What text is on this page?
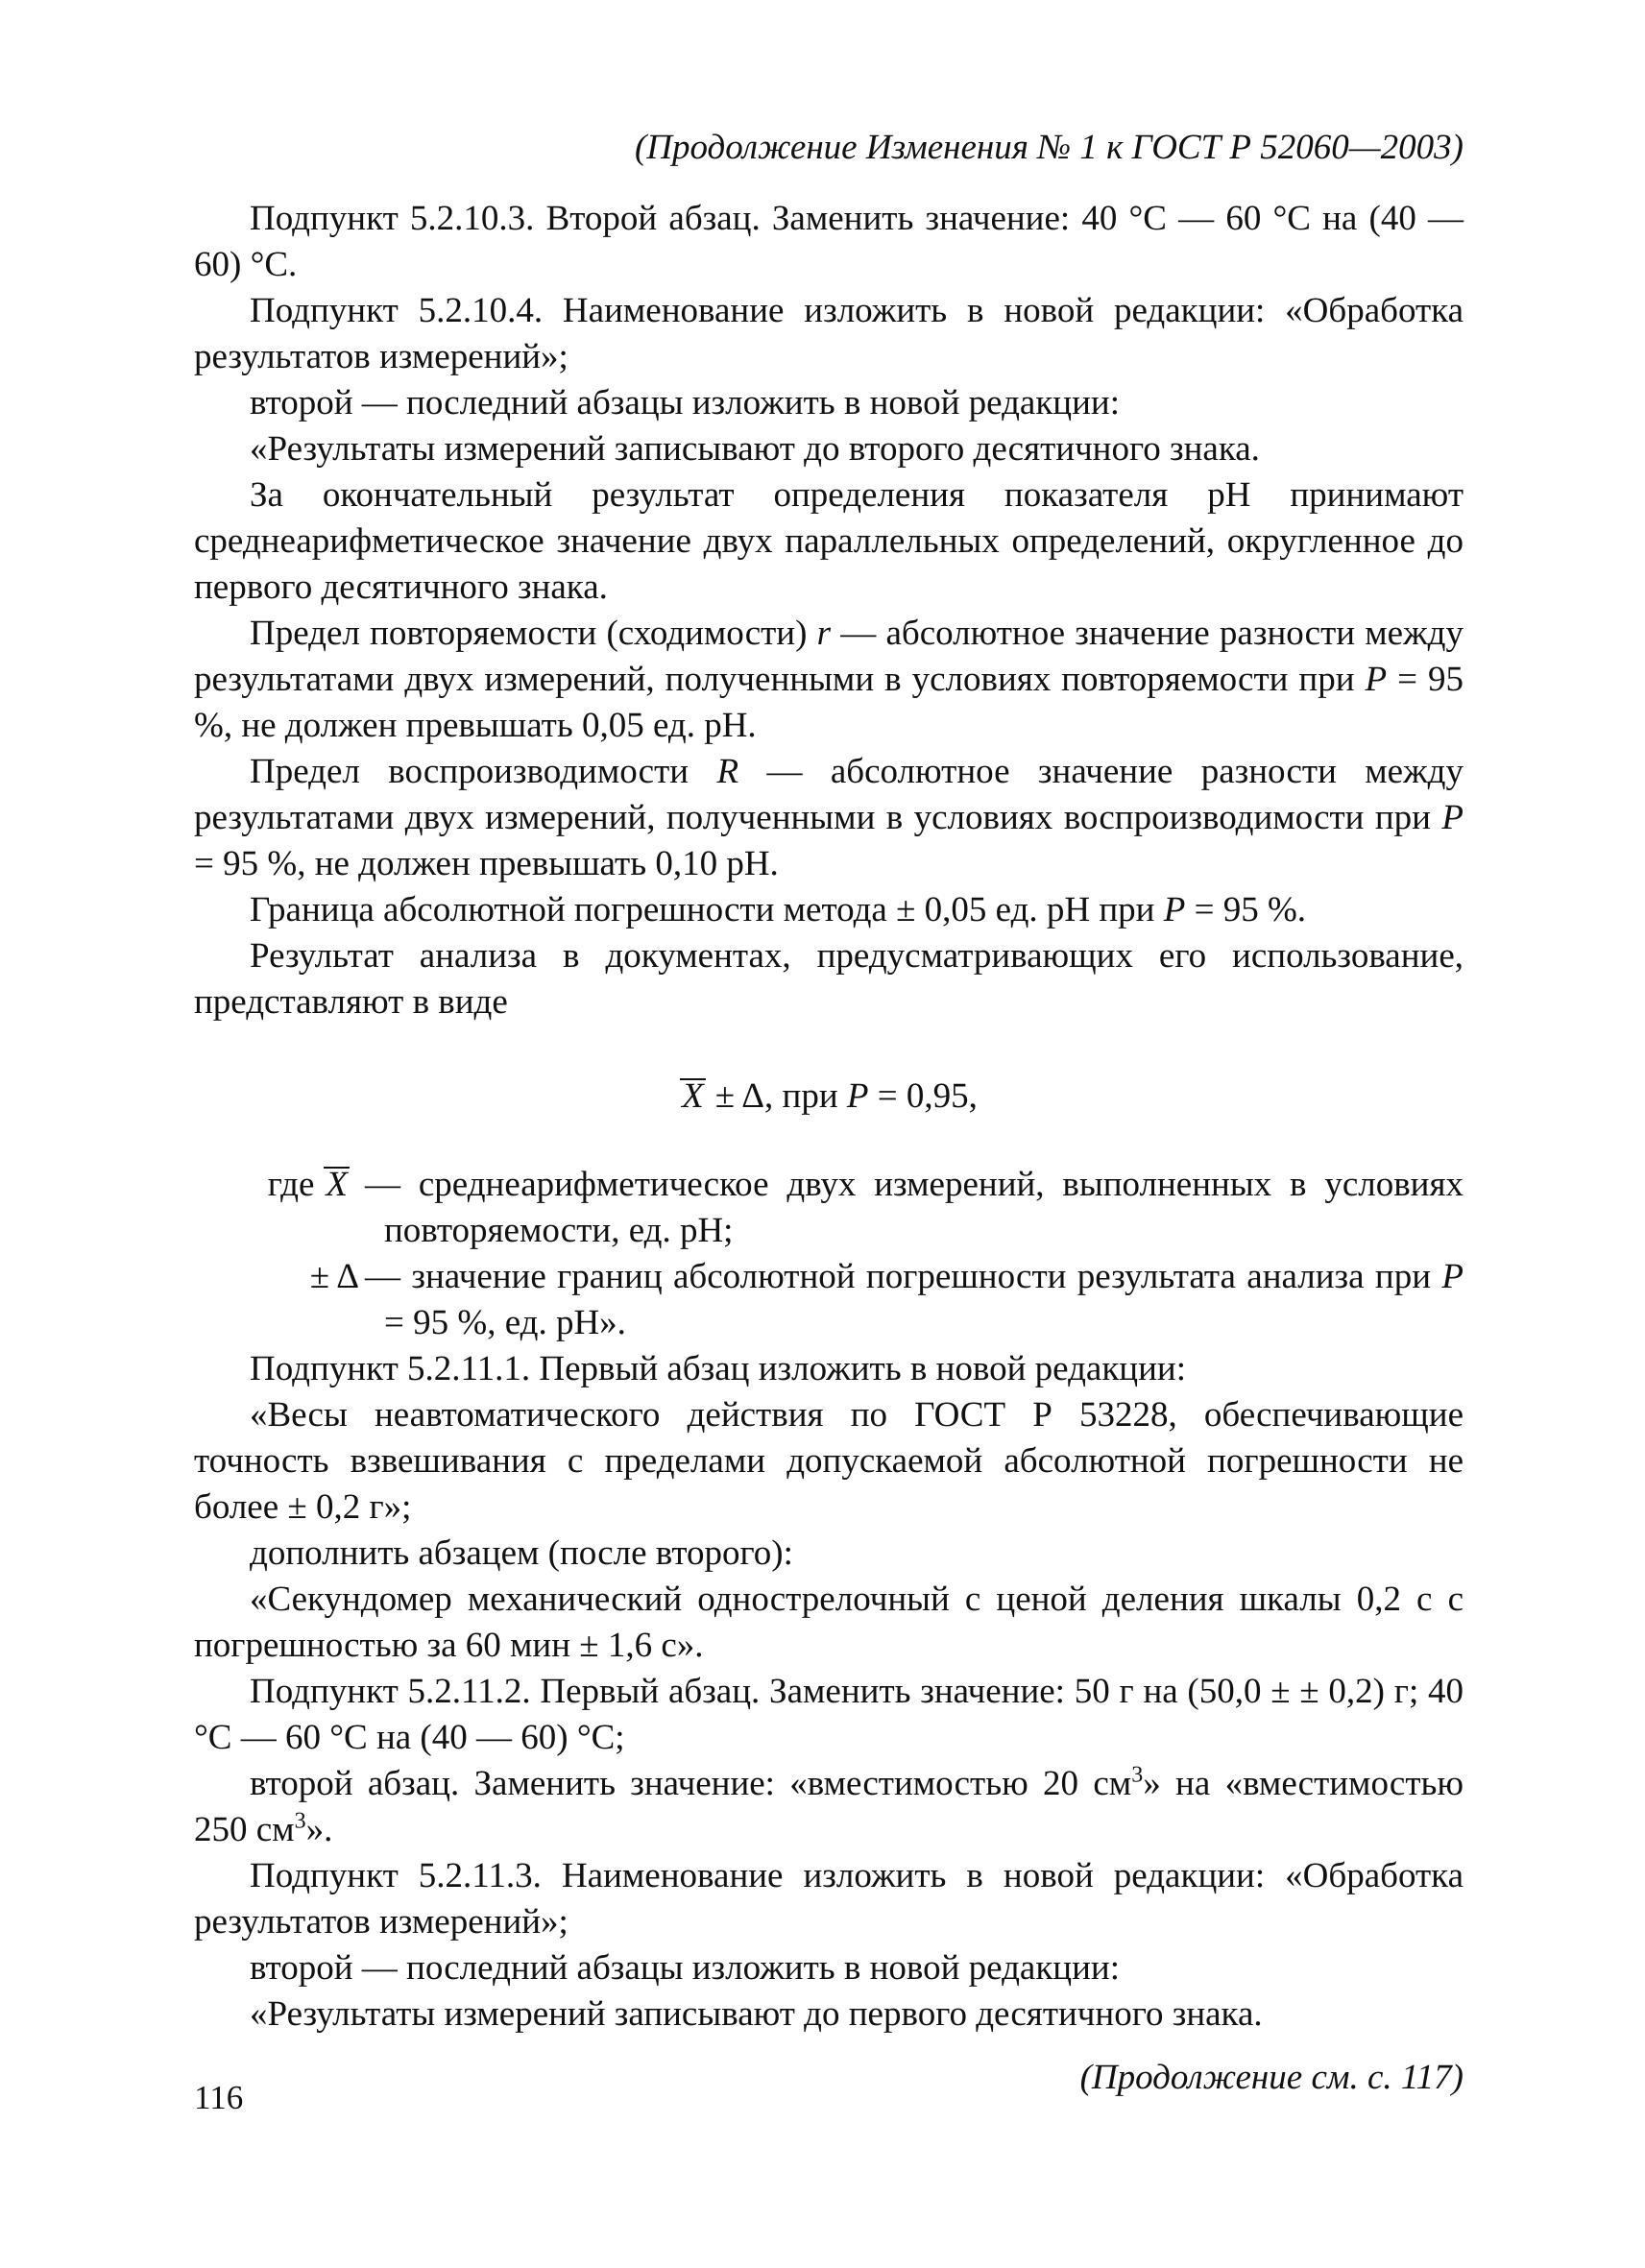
(Продолжение Изменения № 1 к ГОСТ Р 52060—2003)

Подпункт 5.2.10.3. Второй абзац. Заменить значение: 40 °С — 60 °С на (40 — 60) °С.

Подпункт 5.2.10.4. Наименование изложить в новой редакции: «Обработка результатов измерений»;

второй — последний абзацы изложить в новой редакции:

«Результаты измерений записывают до второго десятичного знака.

За окончательный результат определения показателя pH принимают среднеарифметическое значение двух параллельных определений, округленное до первого десятичного знака.

Предел повторяемости (сходимости) r — абсолютное значение разности между результатами двух измерений, полученными в условиях повторяемости при P = 95 %, не должен превышать 0,05 ед. pH.

Предел воспроизводимости R — абсолютное значение разности между результатами двух измерений, полученными в условиях воспроизводимости при P = 95 %, не должен превышать 0,10 pH.

Граница абсолютной погрешности метода ± 0,05 ед. pH при P = 95 %.

Результат анализа в документах, предусматривающих его использование, представляют в виде

X ± Δ, при P = 0,95,
где X — среднеарифметическое двух измерений, выполненных в условиях повторяемости, ед. pH;
± Δ — значение границ абсолютной погрешности результата анализа при P = 95 %, ед. pH».

Подпункт 5.2.11.1. Первый абзац изложить в новой редакции:

«Весы неавтоматического действия по ГОСТ Р 53228, обеспечивающие точность взвешивания с пределами допускаемой абсолютной погрешности не более ± 0,2 г»;

дополнить абзацем (после второго):

«Секундомер механический однострелочный с ценой деления шкалы 0,2 с с погрешностью за 60 мин ± 1,6 с».

Подпункт 5.2.11.2. Первый абзац. Заменить значение: 50 г на (50,0 ± ± 0,2) г; 40 °С — 60 °С на (40 — 60) °С;

второй абзац. Заменить значение: «вместимостью 20 $см^3$» на «вместимостью 250 $см^3$».

Подпункт 5.2.11.3. Наименование изложить в новой редакции: «Обработка результатов измерений»;

второй — последний абзацы изложить в новой редакции:

«Результаты измерений записывают до первого десятичного знака.

(Продолжение см. с. 117)
116
